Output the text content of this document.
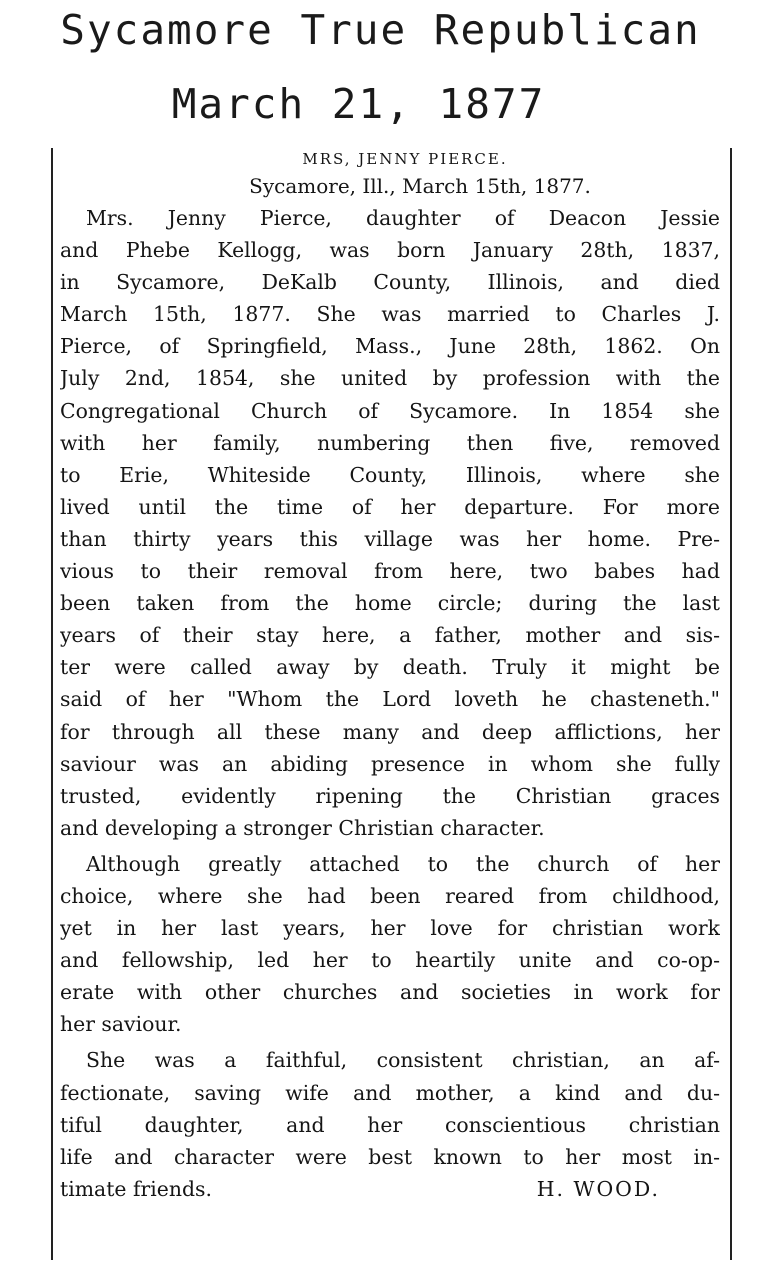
Sycamore True Republican
March 21, 1877
MRS, JENNY PIERCE.
Sycamore, Ill., March 15th, 1877.
Mrs. Jenny Pierce, daughter of Deacon Jessie
and Phebe Kellogg, was born January 28th, 1837,
in Sycamore, DeKalb County, Illinois, and died
March 15th, 1877. She was married to Charles J.
Pierce, of Springfield, Mass., June 28th, 1862. On
July 2nd, 1854, she united by profession with the
Congregational Church of Sycamore. In 1854 she
with her family, numbering then five, removed
to Erie, Whiteside County, Illinois, where she
lived until the time of her departure. For more
than thirty years this village was her home. Pre-
vious to their removal from here, two babes had
been taken from the home circle; during the last
years of their stay here, a father, mother and sis-
ter were called away by death. Truly it might be
said of her "Whom the Lord loveth he chasteneth."
for through all these many and deep afflictions, her
saviour was an abiding presence in whom she fully
trusted, evidently ripening the Christian graces
and developing a stronger Christian character.
Although greatly attached to the church of her
choice, where she had been reared from childhood,
yet in her last years, her love for christian work
and fellowship, led her to heartily unite and co-op-
erate with other churches and societies in work for
her saviour.
She was a faithful, consistent christian, an af-
fectionate, saving wife and mother, a kind and du-
tiful daughter, and her conscientious christian
life and character were best known to her most in-
timate friends.	H. WOOD.
